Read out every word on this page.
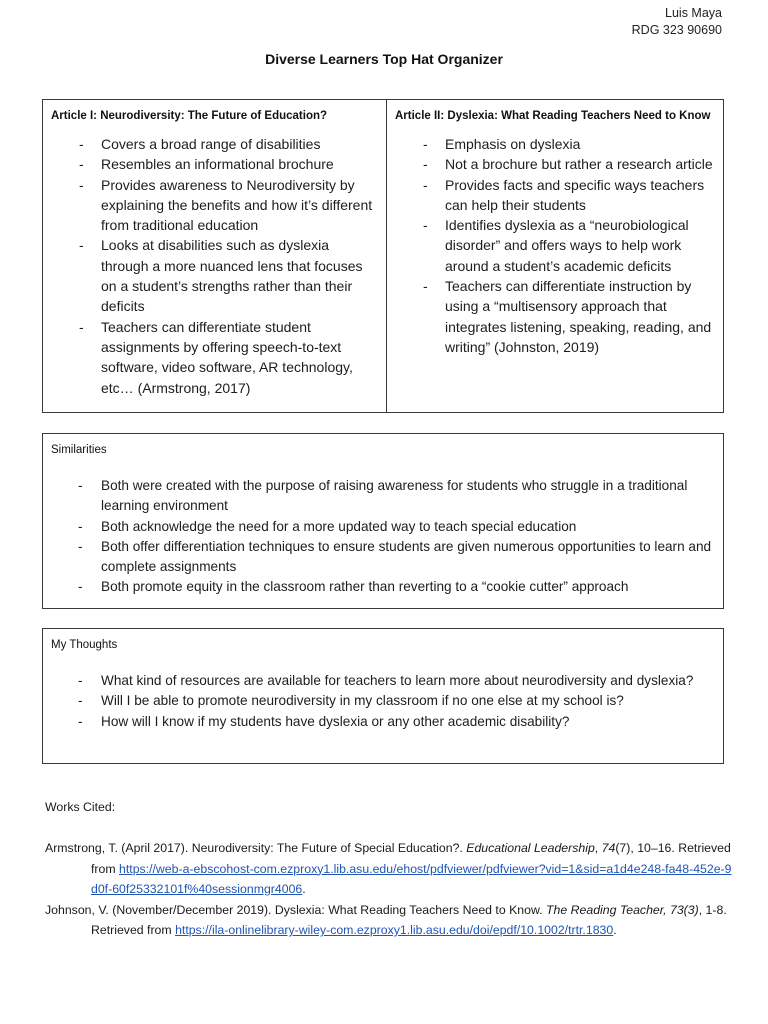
Luis Maya
RDG 323 90690
Diverse Learners Top Hat Organizer
Article I: Neurodiversity: The Future of Education?
- Covers a broad range of disabilities
- Resembles an informational brochure
- Provides awareness to Neurodiversity by explaining the benefits and how it’s different from traditional education
- Looks at disabilities such as dyslexia through a more nuanced lens that focuses on a student’s strengths rather than their deficits
- Teachers can differentiate student assignments by offering speech-to-text software, video software, AR technology, etc… (Armstrong, 2017)
Article II: Dyslexia: What Reading Teachers Need to Know
- Emphasis on dyslexia
- Not a brochure but rather a research article
- Provides facts and specific ways teachers can help their students
- Identifies dyslexia as a “neurobiological disorder” and offers ways to help work around a student’s academic deficits
- Teachers can differentiate instruction by using a “multisensory approach that integrates listening, speaking, reading, and writing” (Johnston, 2019)
Similarities
- Both were created with the purpose of raising awareness for students who struggle in a traditional learning environment
- Both acknowledge the need for a more updated way to teach special education
- Both offer differentiation techniques to ensure students are given numerous opportunities to learn and complete assignments
- Both promote equity in the classroom rather than reverting to a “cookie cutter” approach
My Thoughts
- What kind of resources are available for teachers to learn more about neurodiversity and dyslexia?
- Will I be able to promote neurodiversity in my classroom if no one else at my school is?
- How will I know if my students have dyslexia or any other academic disability?
Works Cited:
Armstrong, T. (April 2017). Neurodiversity: The Future of Special Education?. Educational Leadership, 74(7), 10–16. Retrieved from https://web-a-ebscohost-com.ezproxy1.lib.asu.edu/ehost/pdfviewer/pdfviewer?vid=1&sid=a1d4e248-fa48-452e-9d0f-60f25332101f%40sessionmgr4006.
Johnson, V. (November/December 2019). Dyslexia: What Reading Teachers Need to Know. The Reading Teacher, 73(3), 1-8. Retrieved from https://ila-onlinelibrary-wiley-com.ezproxy1.lib.asu.edu/doi/epdf/10.1002/trtr.1830.
